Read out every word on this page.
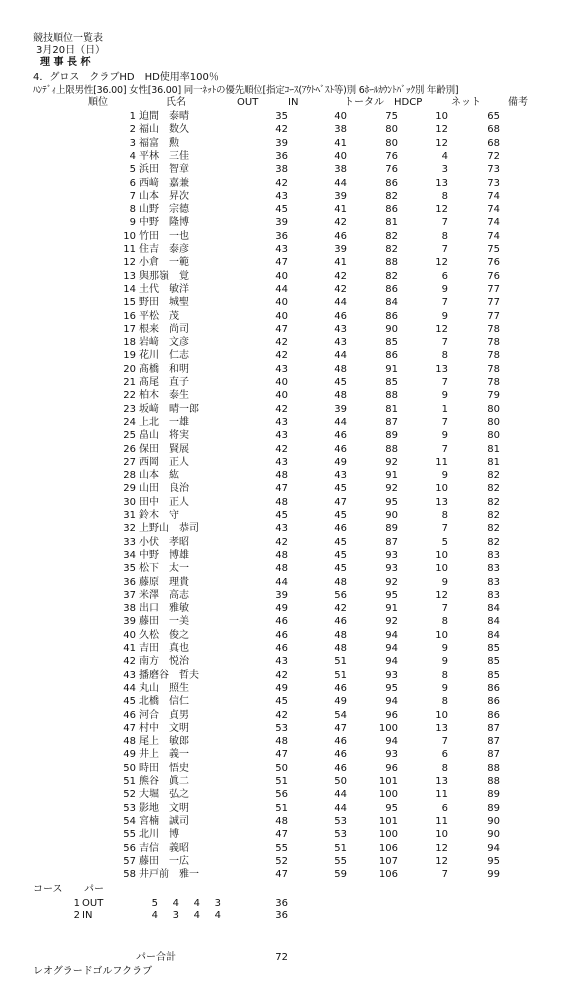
競技順位一覧表
3月20日（日）
理 事 長 杯
4．グロス　クラブHD　HD使用率100％
ﾊﾝﾃﾞｨ上限男性[36.00] 女性[36.00] 同一ﾈｯﾄの優先順位[指定ｺｰｽ(ｱｳﾄﾍﾞｽﾄ等)別 6ﾎｰﾙｶｳﾝﾄﾊﾞｯｸ別 年齢別]
順位	氏名	OUT	IN	トータル HDCP	ネット	備考
1 迫間　泰晴	35	40	75	10	65
2 福山　数久	42	38	80	12	68
3 福富　勲	39	41	80	12	68
4 平林　三佳	36	40	76	4	72
5 浜田　智章	38	38	76	3	73
6 西﨑　嘉兼	42	44	86	13	73
7 山本　昇次	43	39	82	8	74
8 山野　宗德	45	41	86	12	74
9 中野　隆博	39	42	81	7	74
10 竹田　一也	36	46	82	8	74
11 住吉　泰彦	43	39	82	7	75
12 小倉　一範	47	41	88	12	76
13 與那嶺　覚	40	42	82	6	76
14 土代　敏洋	44	42	86	9	77
15 野田　城聖	40	44	84	7	77
16 平松　茂	40	46	86	9	77
17 根来　尚司	47	43	90	12	78
18 岩﨑　文彦	42	43	85	7	78
19 花川　仁志	42	44	86	8	78
20 髙橋　和明	43	48	91	13	78
21 髙尾　直子	40	45	85	7	78
22 柏木　泰生	40	48	88	9	79
23 坂﨑　晴一郎	42	39	81	1	80
24 上北　一雄	43	44	87	7	80
25 畠山　将実	43	46	89	9	80
26 保田　賢展	42	46	88	7	81
27 西岡　正人	43	49	92	11	81
28 山本　紘	48	43	91	9	82
29 山田　良治	47	45	92	10	82
30 田中　正人	48	47	95	13	82
31 鈴木　守	45	45	90	8	82
32 上野山　恭司	43	46	89	7	82
33 小伏　孝昭	42	45	87	5	82
34 中野　博雄	48	45	93	10	83
35 松下　太一	48	45	93	10	83
36 藤原　理貴	44	48	92	9	83
37 米澤　高志	39	56	95	12	83
38 出口　雅敏	49	42	91	7	84
39 藤田　一美	46	46	92	8	84
40 久松　俊之	46	48	94	10	84
41 吉田　真也	46	48	94	9	85
42 南方　悦治	43	51	94	9	85
43 播磨谷　哲夫	42	51	93	8	85
44 丸山　照生	49	46	95	9	86
45 北橋　信仁	45	49	94	8	86
46 河合　貞男	42	54	96	10	86
47 村中　文明	53	47	100	13	87
48 尾上　敏郎	48	46	94	7	87
49 井上　義一	47	46	93	6	87
50 時田　悟史	50	46	96	8	88
51 熊谷　眞二	51	50	101	13	88
52 大堀　弘之	56	44	100	11	89
53 影地　文明	51	44	95	6	89
54 宮楠　誠司	48	53	101	11	90
55 北川　博	47	53	100	10	90
56 吉信　義昭	55	51	106	12	94
57 藤田　一広	52	55	107	12	95
58 井戸前　雅一	47	59	106	7	99
コース パー
1 OUT	5 4 4 3	36
2 IN	4 3 4 4	36
パー合計	72
レオグラードゴルフクラブ
